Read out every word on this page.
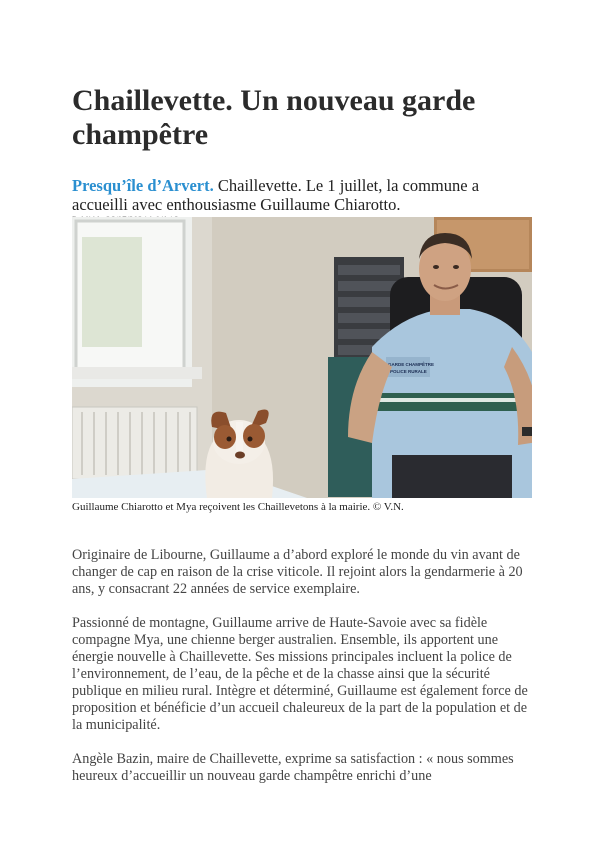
Chaillevette. Un nouveau garde champêtre
Presqu’île d’Arvert. Chaillevette. Le 1 juillet, la commune a accueilli avec enthousiasme Guillaume Chiarotto.
GARDE CHAMPÊTRE
POLICE RURALE
Guillaume Chiarotto et Mya reçoivent les Chailleveton​s à la mairie. © V.N.

Originaire de Libourne, Guillaume a d’abord exploré le monde du vin avant de changer de cap en raison de la crise viticole. Il rejoint alors la gendarmerie à 20 ans, y consacrant 22 années de service exemplaire.

Passionné de montagne, Guillaume arrive de Haute-Savoie avec sa fidèle compagne Mya, une chienne berger australien. Ensemble, ils apportent une énergie nouvelle à Chaillevette. Ses missions principales incluent la police de l’environnement, de l’eau, de la pêche et de la chasse ainsi que la sécurité publique en milieu rural. Intègre et déterminé, Guillaume est également force de proposition et bénéficie d’un accueil chaleureux de la part de la population et de la municipalité.

Angèle Bazin, maire de Chaillevette, exprime sa satisfaction : « nous sommes heureux d’accueillir un nouveau garde champêtre enrichi d’une
